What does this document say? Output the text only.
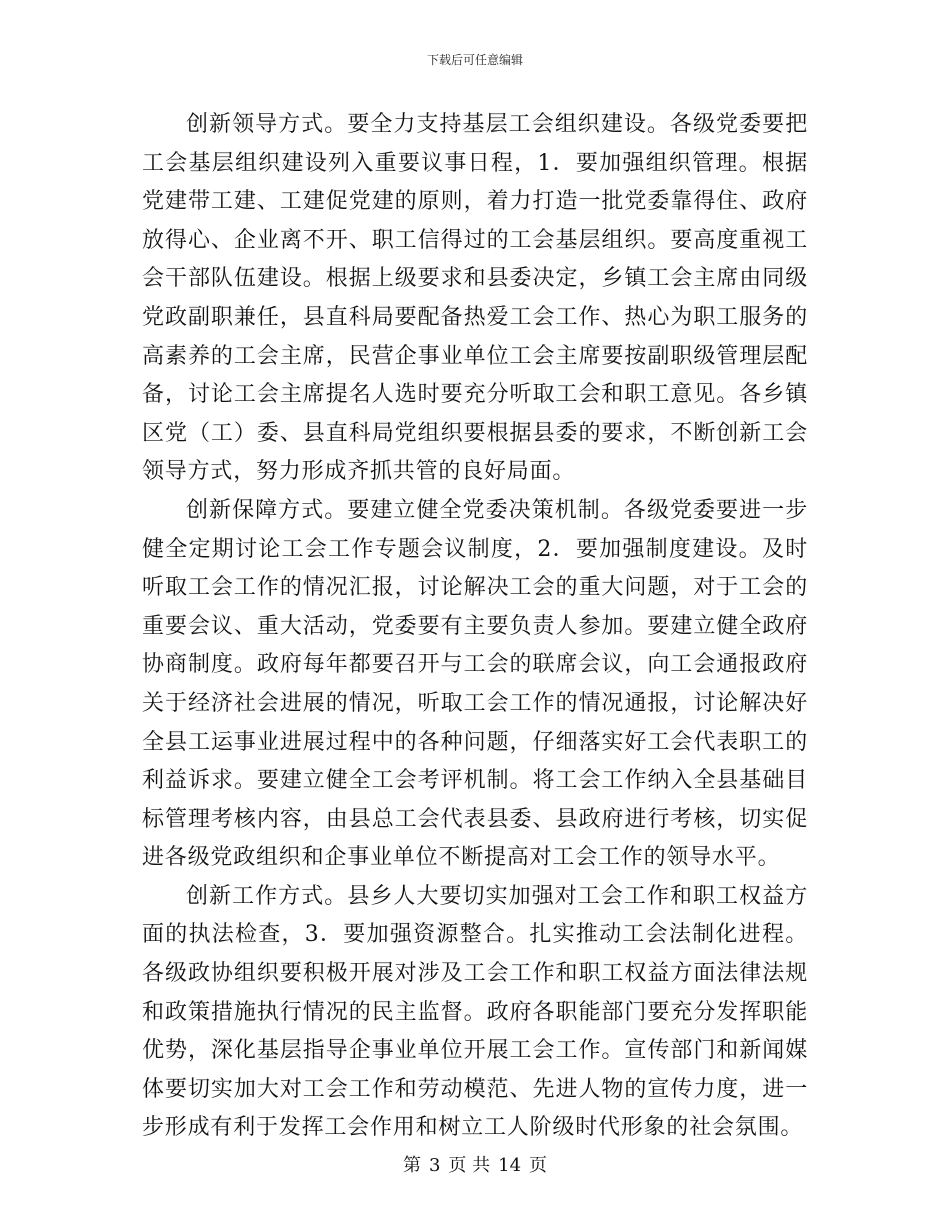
下载后可任意编辑

创新领导方式。要全力支持基层工会组织建设。各级党委要把工会基层组织建设列入重要议事日程，1．要加强组织管理。根据党建带工建、工建促党建的原则，着力打造一批党委靠得住、政府放得心、企业离不开、职工信得过的工会基层组织。要高度重视工会干部队伍建设。根据上级要求和县委决定，乡镇工会主席由同级党政副职兼任，县直科局要配备热爱工会工作、热心为职工服务的高素养的工会主席，民营企事业单位工会主席要按副职级管理层配备，讨论工会主席提名人选时要充分听取工会和职工意见。各乡镇区党（工）委、县直科局党组织要根据县委的要求，不断创新工会领导方式，努力形成齐抓共管的良好局面。

创新保障方式。要建立健全党委决策机制。各级党委要进一步健全定期讨论工会工作专题会议制度，2．要加强制度建设。及时听取工会工作的情况汇报，讨论解决工会的重大问题，对于工会的重要会议、重大活动，党委要有主要负责人参加。要建立健全政府协商制度。政府每年都要召开与工会的联席会议，向工会通报政府关于经济社会进展的情况，听取工会工作的情况通报，讨论解决好全县工运事业进展过程中的各种问题，仔细落实好工会代表职工的利益诉求。要建立健全工会考评机制。将工会工作纳入全县基础目标管理考核内容，由县总工会代表县委、县政府进行考核，切实促进各级党政组织和企事业单位不断提高对工会工作的领导水平。

创新工作方式。县乡人大要切实加强对工会工作和职工权益方面的执法检查，3．要加强资源整合。扎实推动工会法制化进程。各级政协组织要积极开展对涉及工会工作和职工权益方面法律法规和政策措施执行情况的民主监督。政府各职能部门要充分发挥职能优势，深化基层指导企事业单位开展工会工作。宣传部门和新闻媒体要切实加大对工会工作和劳动模范、先进人物的宣传力度，进一步形成有利于发挥工会作用和树立工人阶级时代形象的社会氛围。

第 3 页 共 14 页
